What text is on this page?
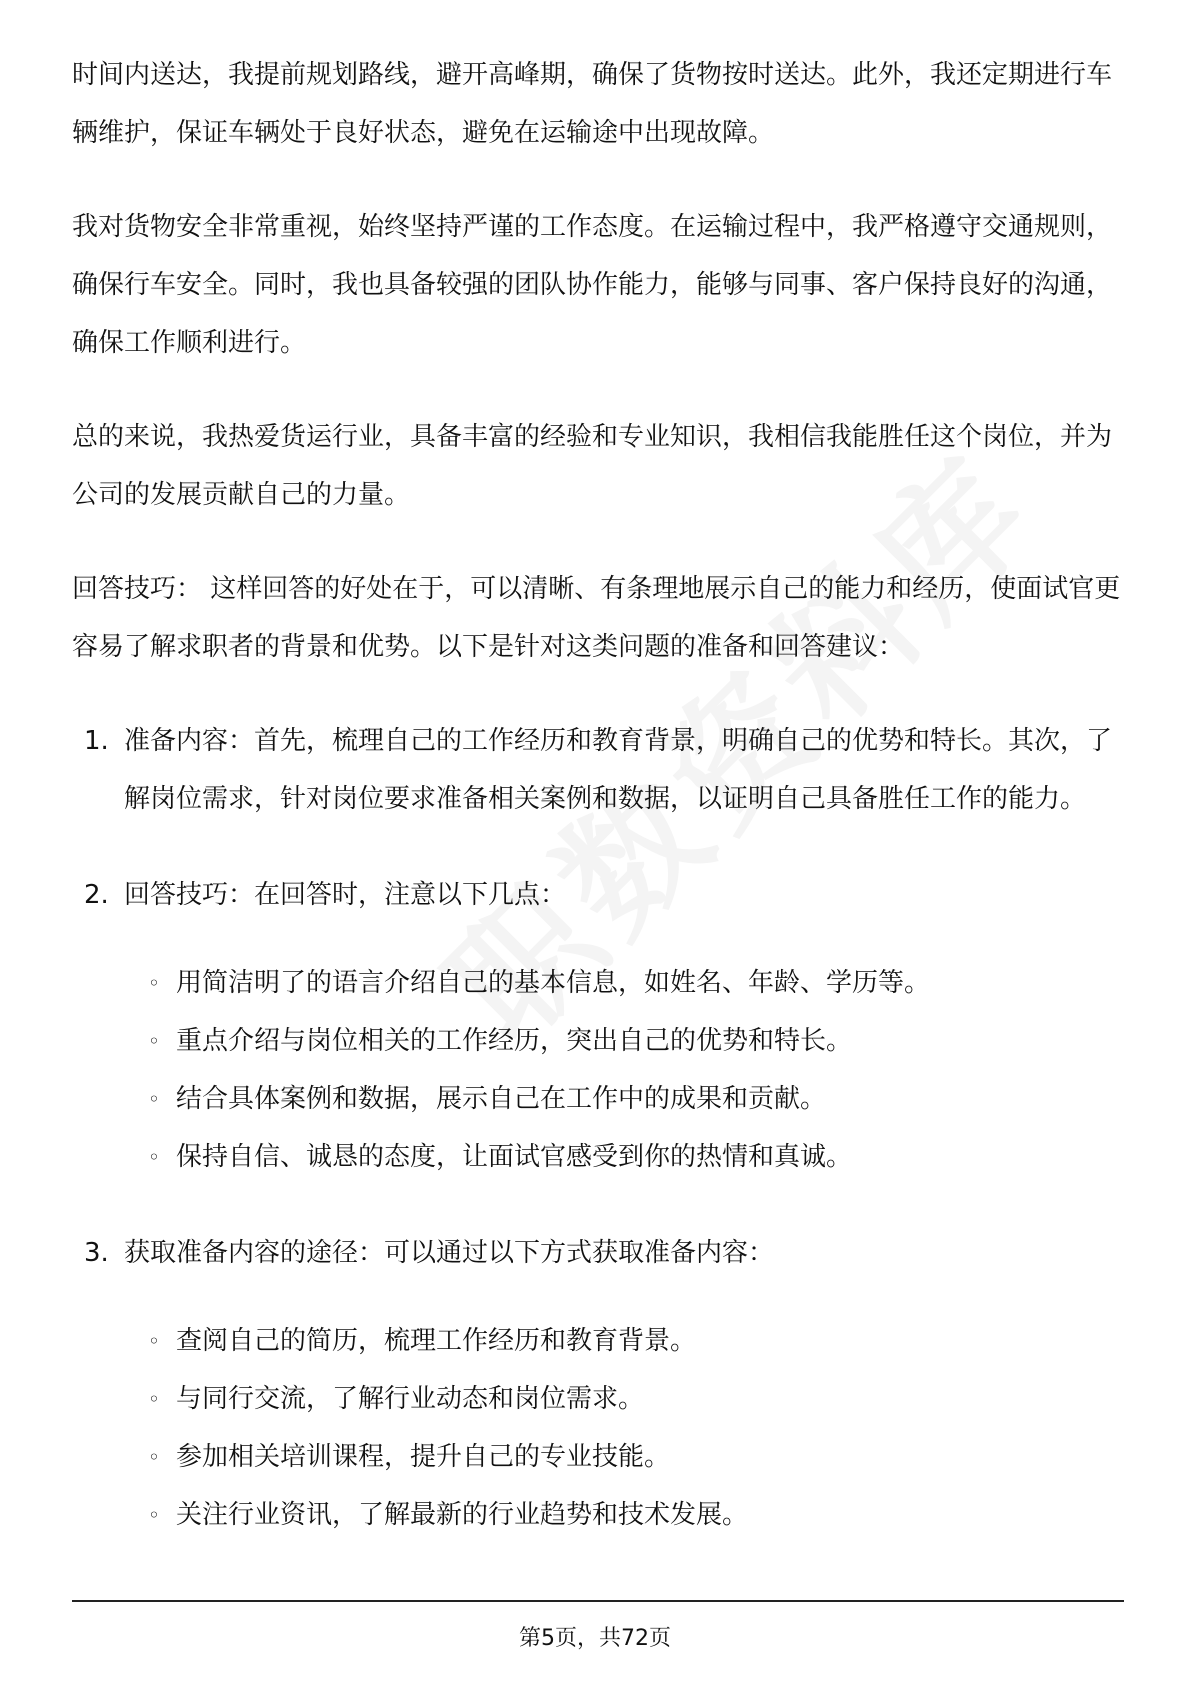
时间内送达，我提前规划路线，避开高峰期，确保了货物按时送达。此外，我还定期进行车辆维护，保证车辆处于良好状态，避免在运输途中出现故障。

我对货物安全非常重视，始终坚持严谨的工作态度。在运输过程中，我严格遵守交通规则，确保行车安全。同时，我也具备较强的团队协作能力，能够与同事、客户保持良好的沟通，确保工作顺利进行。

总的来说，我热爱货运行业，具备丰富的经验和专业知识，我相信我能胜任这个岗位，并为公司的发展贡献自己的力量。

回答技巧： 这样回答的好处在于，可以清晰、有条理地展示自己的能力和经历，使面试官更容易了解求职者的背景和优势。以下是针对这类问题的准备和回答建议：

1. 准备内容：首先，梳理自己的工作经历和教育背景，明确自己的优势和特长。其次，了解岗位需求，针对岗位要求准备相关案例和数据，以证明自己具备胜任工作的能力。

2. 回答技巧：在回答时，注意以下几点：

◦ 用简洁明了的语言介绍自己的基本信息，如姓名、年龄、学历等。
◦ 重点介绍与岗位相关的工作经历，突出自己的优势和特长。
◦ 结合具体案例和数据，展示自己在工作中的成果和贡献。
◦ 保持自信、诚恳的态度，让面试官感受到你的热情和真诚。
3. 获取准备内容的途径：可以通过以下方式获取准备内容：

◦ 查阅自己的简历，梳理工作经历和教育背景。
◦ 与同行交流，了解行业动态和岗位需求。
◦ 参加相关培训课程，提升自己的专业技能。
◦ 关注行业资讯，了解最新的行业趋势和技术发展。
第5页，共72页
